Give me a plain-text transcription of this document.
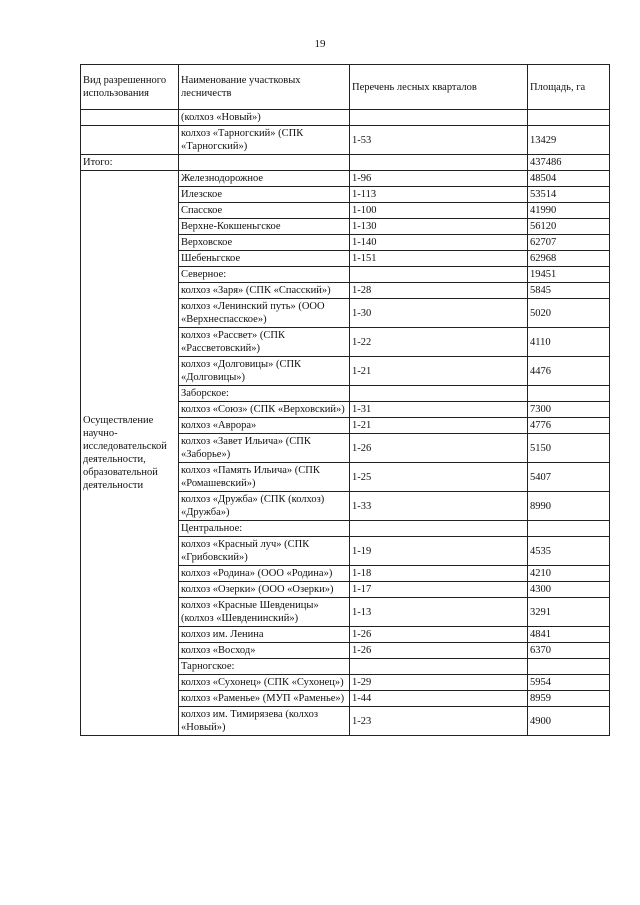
19
Вид разрешенного использования	Наименование участковых лесничеств	Перечень лесных кварталов	Площадь, га
	(колхоз «Новый»)		
	колхоз «Тарногский» (СПК «Тарногский»)	1-53	13429
Итого:			437486
Осуществление научно-исследовательской деятельности, образовательной деятельности	Железнодорожное	1-96	48504
	Илезское	1-113	53514
	Спасское	1-100	41990
	Верхне-Кокшеньгское	1-130	56120
	Верховское	1-140	62707
	Шебеньгское	1-151	62968
	Северное:		19451
	колхоз «Заря» (СПК «Спасский»)	1-28	5845
	колхоз «Ленинский путь» (ООО «Верхнеспасское»)	1-30	5020
	колхоз «Рассвет» (СПК «Рассветовский»)	1-22	4110
	колхоз «Долговицы» (СПК «Долговицы»)	1-21	4476
	Заборское:		
	колхоз «Союз» (СПК «Верховский»)	1-31	7300
	колхоз «Аврора»	1-21	4776
	колхоз «Завет Ильича» (СПК «Заборье»)	1-26	5150
	колхоз «Память Ильича» (СПК «Ромашевский»)	1-25	5407
	колхоз «Дружба» (СПК (колхоз) «Дружба»)	1-33	8990
	Центральное:		
	колхоз «Красный луч» (СПК «Грибовский»)	1-19	4535
	колхоз «Родина» (ООО «Родина»)	1-18	4210
	колхоз «Озерки» (ООО «Озерки»)	1-17	4300
	колхоз «Красные Шевденицы» (колхоз «Шевденинский»)	1-13	3291
	колхоз им. Ленина	1-26	4841
	колхоз «Восход»	1-26	6370
	Тарногское:		
	колхоз «Сухонец» (СПК «Сухонец»)	1-29	5954
	колхоз «Раменье» (МУП «Раменье»)	1-44	8959
	колхоз им. Тимирязева (колхоз «Новый»)	1-23	4900
